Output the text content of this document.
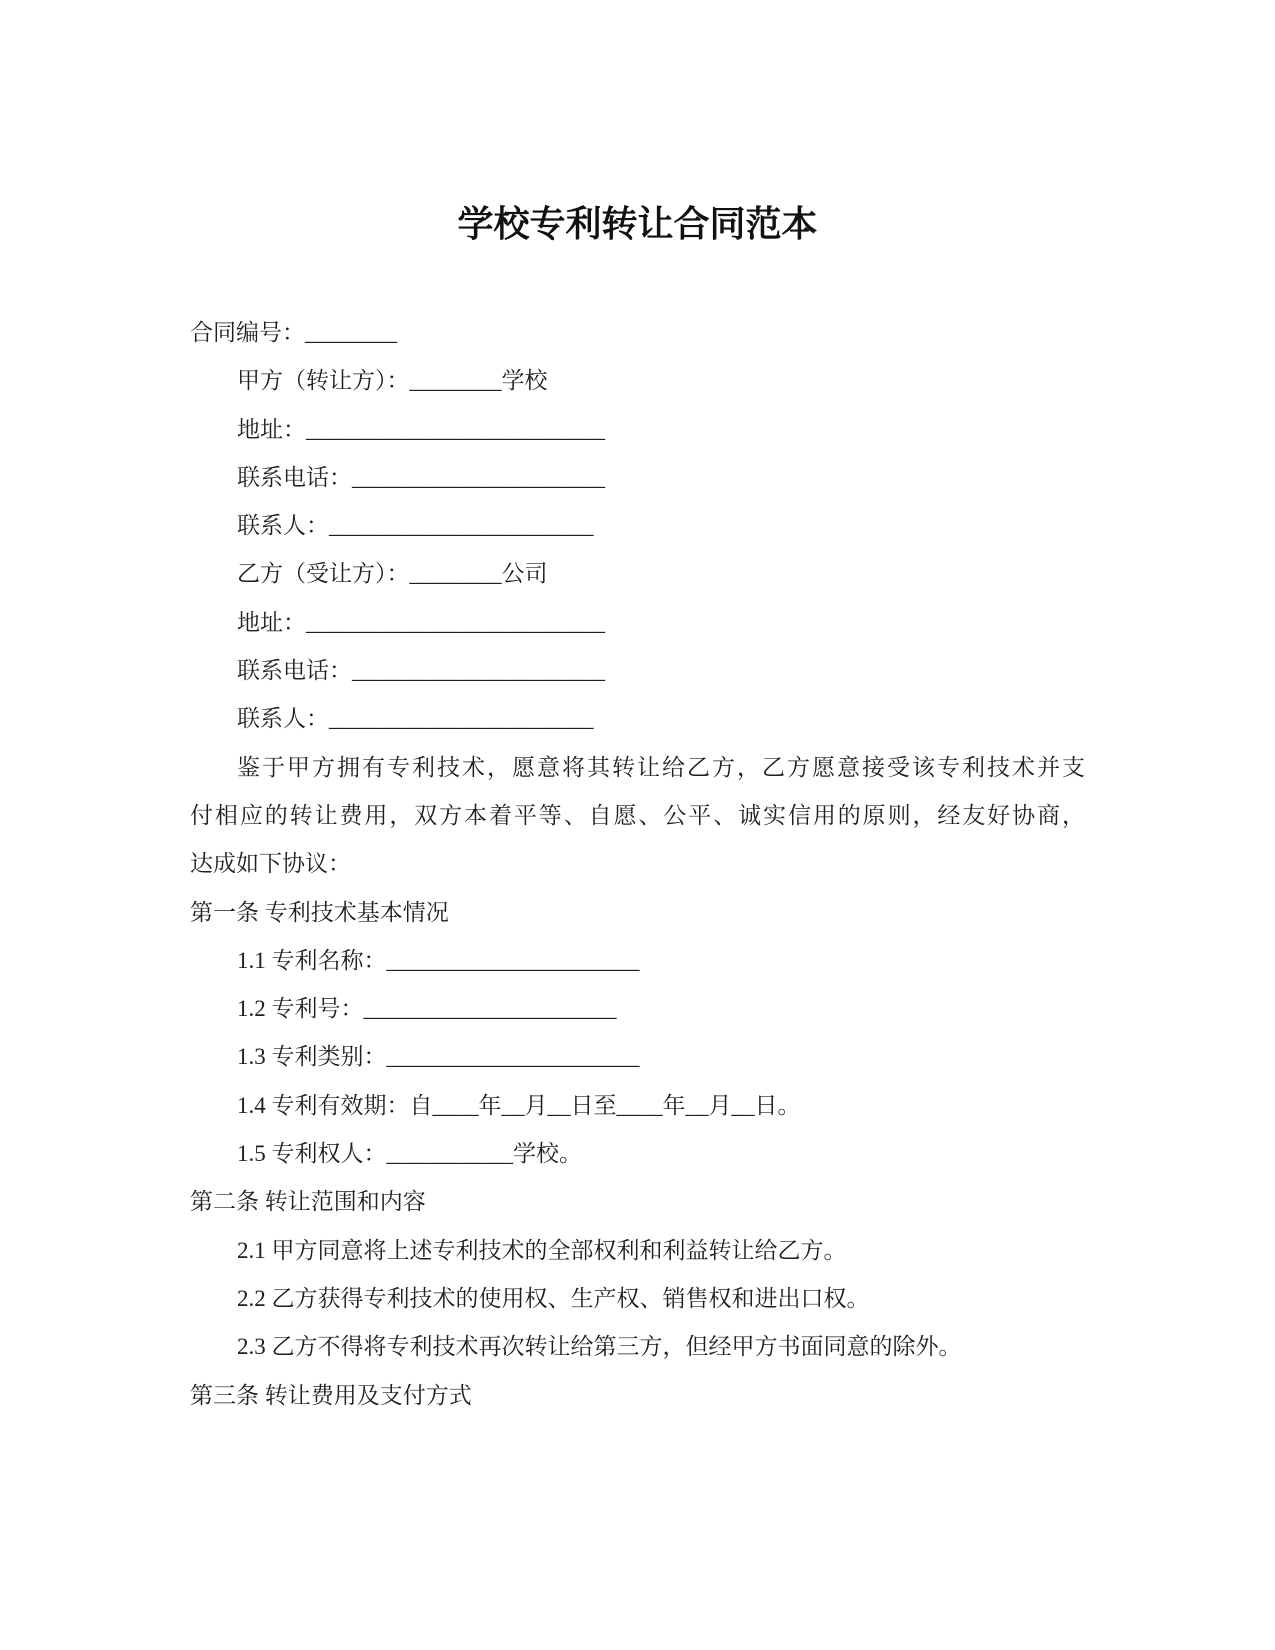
学校专利转让合同范本

合同编号：________

甲方（转让方）：________学校

地址：__________________________

联系电话：______________________

联系人：_______________________

乙方（受让方）：________公司

地址：__________________________

联系电话：______________________

联系人：_______________________

鉴于甲方拥有专利技术，愿意将其转让给乙方，乙方愿意接受该专利技术并支

付相应的转让费用，双方本着平等、自愿、公平、诚实信用的原则，经友好协商，

达成如下协议：

第一条 专利技术基本情况

1.1 专利名称：______________________

1.2 专利号：______________________

1.3 专利类别：______________________

1.4 专利有效期：自____年__月__日至____年__月__日。

1.5 专利权人：___________学校。

第二条 转让范围和内容

2.1 甲方同意将上述专利技术的全部权利和利益转让给乙方。

2.2 乙方获得专利技术的使用权、生产权、销售权和进出口权。

2.3 乙方不得将专利技术再次转让给第三方，但经甲方书面同意的除外。

第三条 转让费用及支付方式
